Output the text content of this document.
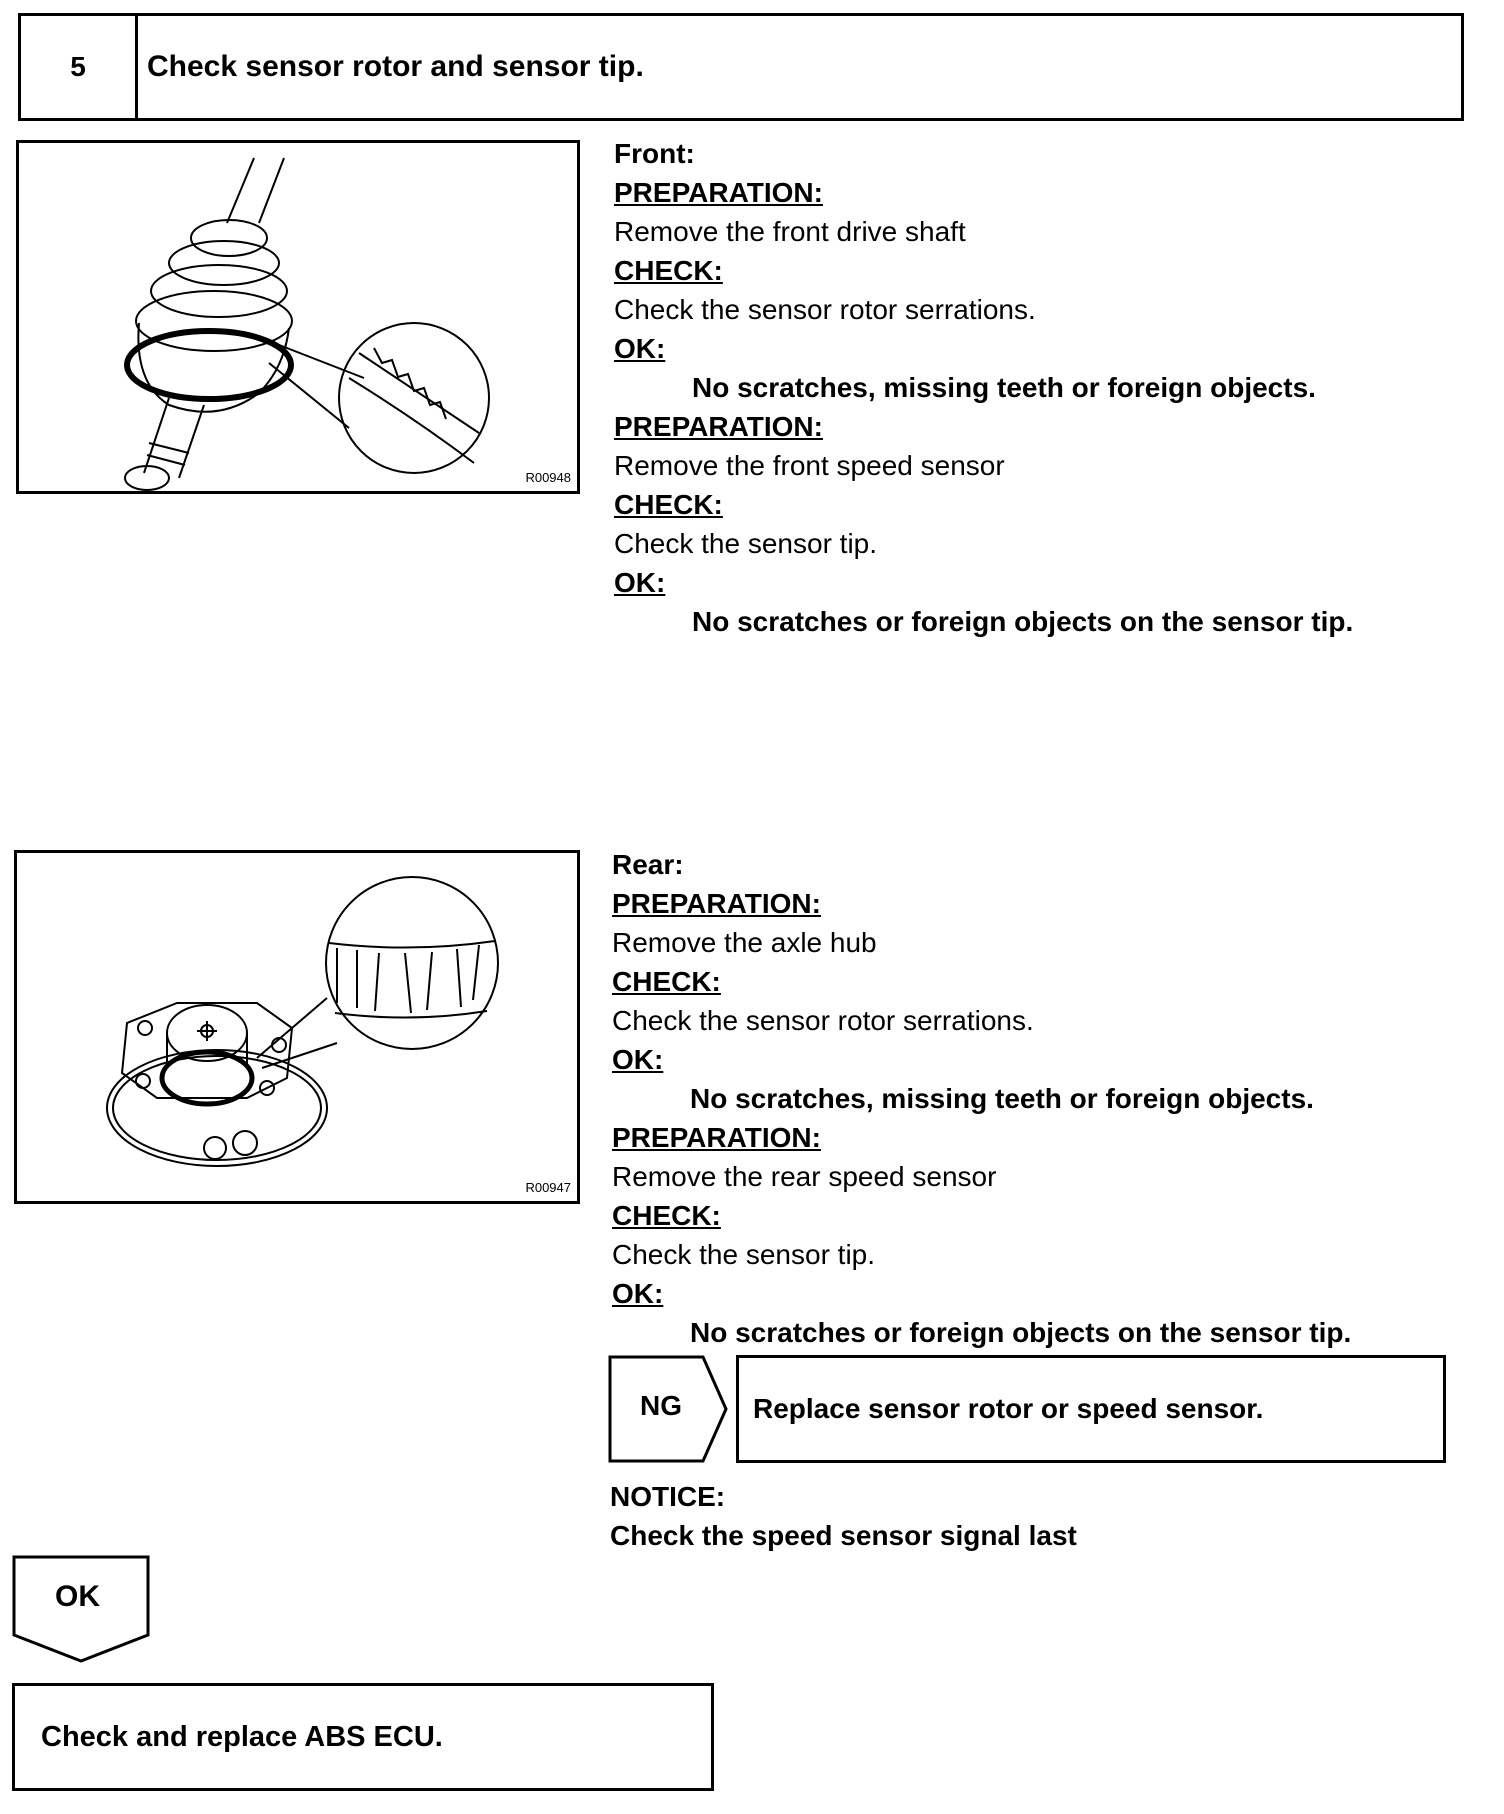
5	Check sensor rotor and sensor tip.
R00948
Front:
PREPARATION:
Remove the front drive shaft
CHECK:
Check the sensor rotor serrations.
OK:
No scratches, missing teeth or foreign objects.
PREPARATION:
Remove the front speed sensor
CHECK:
Check the sensor tip.
OK:
No scratches or foreign objects on the sensor tip.
R00947
Rear:
PREPARATION:
Remove the axle hub
CHECK:
Check the sensor rotor serrations.
OK:
No scratches, missing teeth or foreign objects.
PREPARATION:
Remove the rear speed sensor
CHECK:
Check the sensor tip.
OK:
No scratches or foreign objects on the sensor tip.
NG	Replace sensor rotor or speed sensor.
NOTICE:
Check the speed sensor signal last
OK
Check and replace ABS ECU.
